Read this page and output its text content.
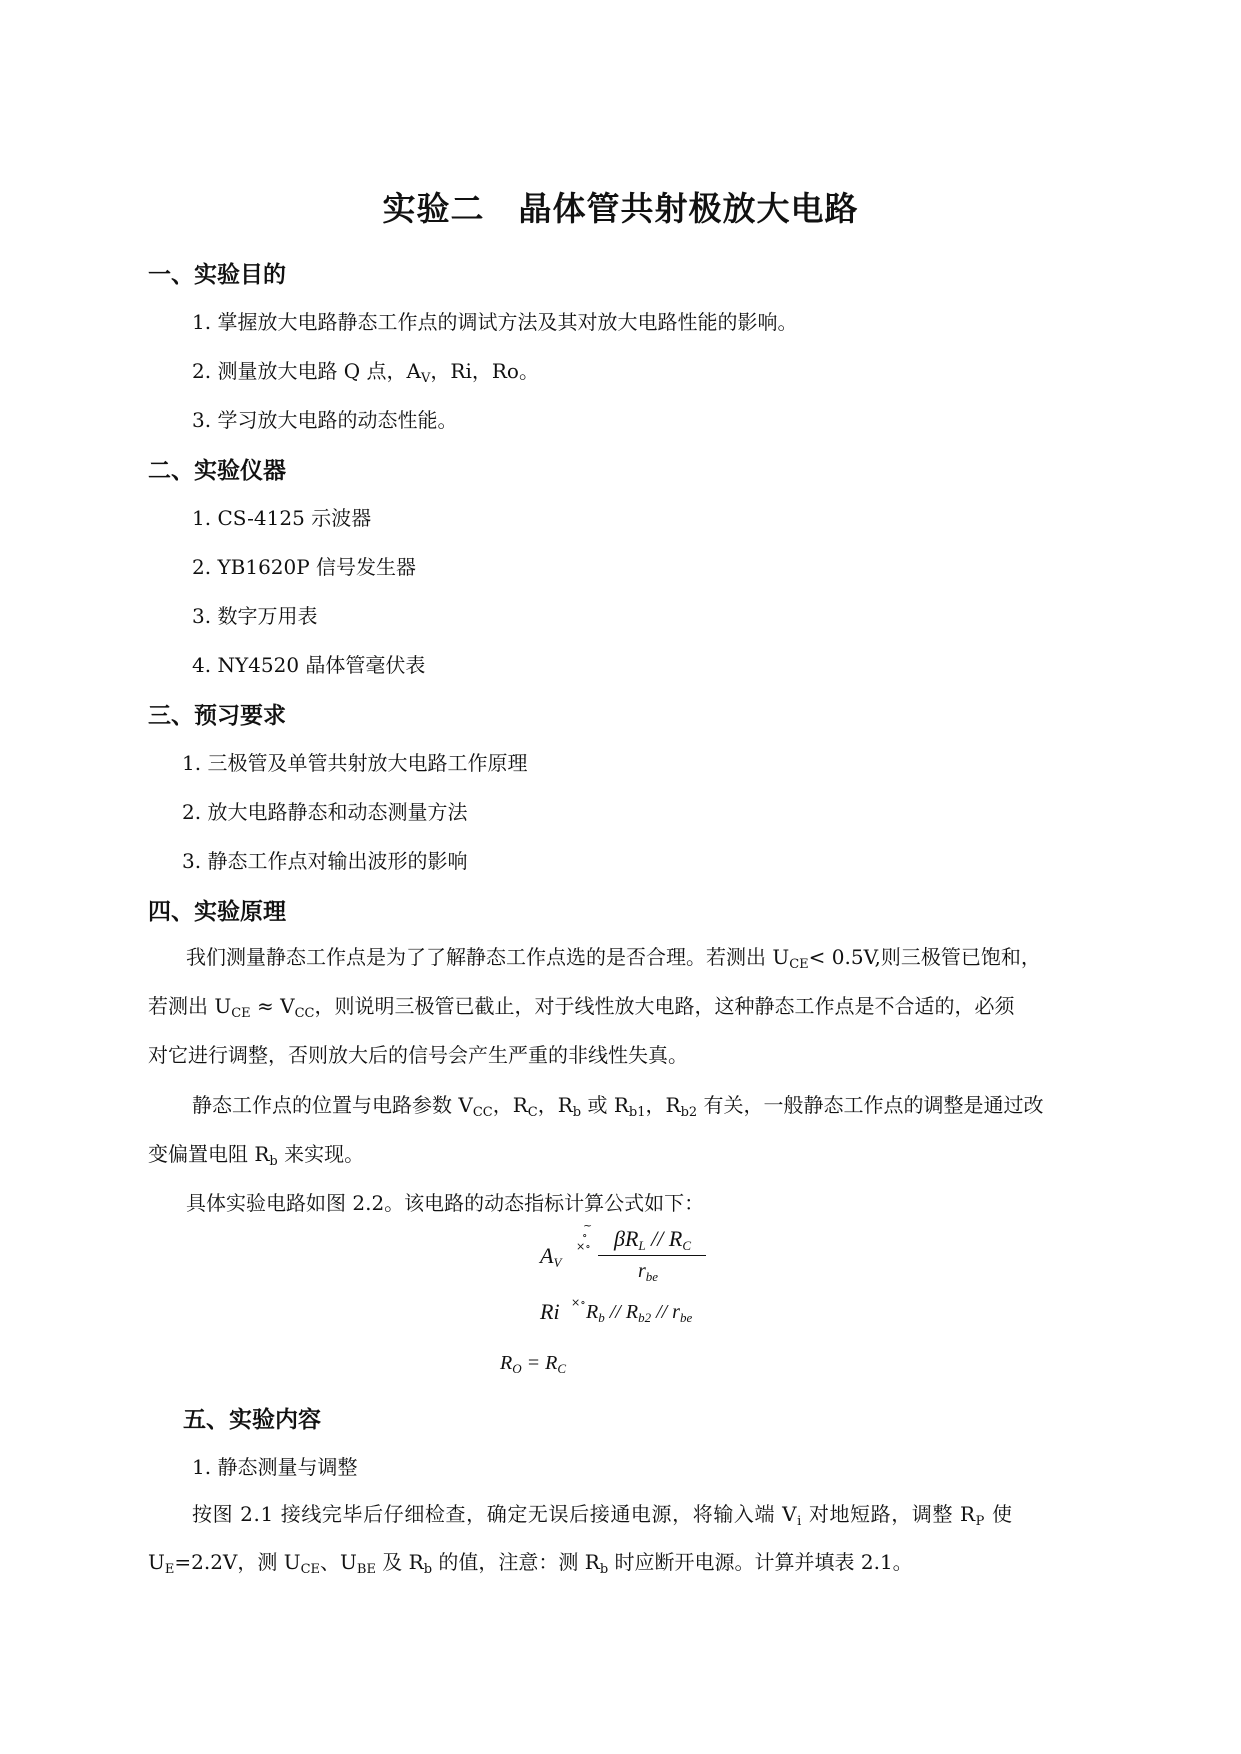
实验二 晶体管共射极放大电路
一、实验目的
1. 掌握放大电路静态工作点的调试方法及其对放大电路性能的影响。
2. 测量放大电路 Q 点，$A_V$，Ri，Ro。
3. 学习放大电路的动态性能。
二、实验仪器
1. CS-4125 示波器
2. YB1620P 信号发生器
3. 数字万用表
4. NY4520 晶体管毫伏表
三、预习要求
1. 三极管及单管共射放大电路工作原理
2. 放大电路静态和动态测量方法
3. 静态工作点对输出波形的影响
四、实验原理
我们测量静态工作点是为了了解静态工作点选的是否合理。若测出 $U_{CE}< 0.5V$,则三极管已饱和，
若测出 $U_{CE} \approx V_{CC}$，则说明三极管已截止，对于线性放大电路，这种静态工作点是不合适的，必须
对它进行调整，否则放大后的信号会产生严重的非线性失真。
静态工作点的位置与电路参数 $V_{CC}$，$R_C$，$R_b$ 或 $R_{b1}$，$R_{b2}$ 有关，一般静态工作点的调整是通过改
变偏置电阻 $R_b$ 来实现。
具体实验电路如图 2.2。该电路的动态指标计算公式如下：
$A_V$
~
∘
×∘ $\beta R_L // R_C$
$r_{be}$
Ri ×∘ $R_b // R_{b2} // r_{be}$
$R_O = R_C$
五、实验内容
1. 静态测量与调整
按图 2.1 接线完毕后仔细检查，确定无误后接通电源，将输入端 $V_i$ 对地短路，调整 $R_P$ 使
$U_E=2.2V$，测 $U_{CE}$、$U_{BE}$ 及 $R_b$ 的值，注意：测 $R_b$ 时应断开电源。计算并填表 2.1。
